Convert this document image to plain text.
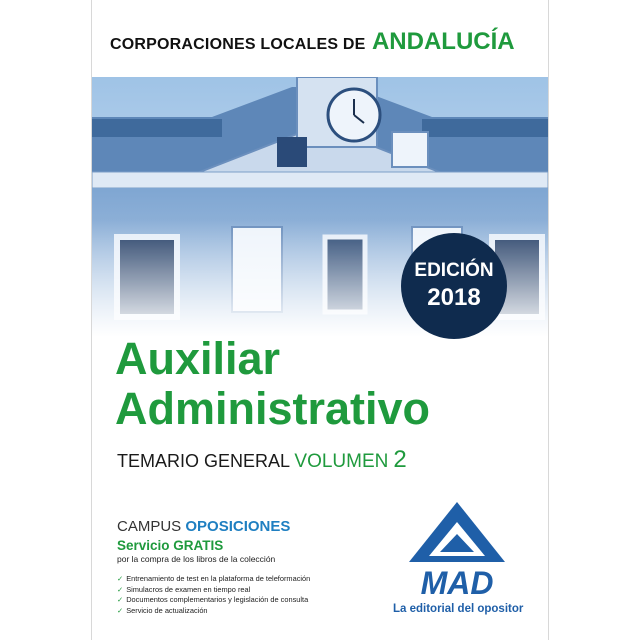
CORPORACIONES LOCALES DE ANDALUCÍA
EDICIÓN
2018
Auxiliar
Administrativo
TEMARIO GENERAL VOLUMEN 2
CAMPUS OPOSICIONES
Servicio GRATIS
por la compra de los libros de la colección
✓ Entrenamiento de test en la plataforma de teleformación
✓ Simulacros de examen en tiempo real
✓ Documentos complementarios y legislación de consulta
✓ Servicio de actualización
MAD
La editorial del opositor
